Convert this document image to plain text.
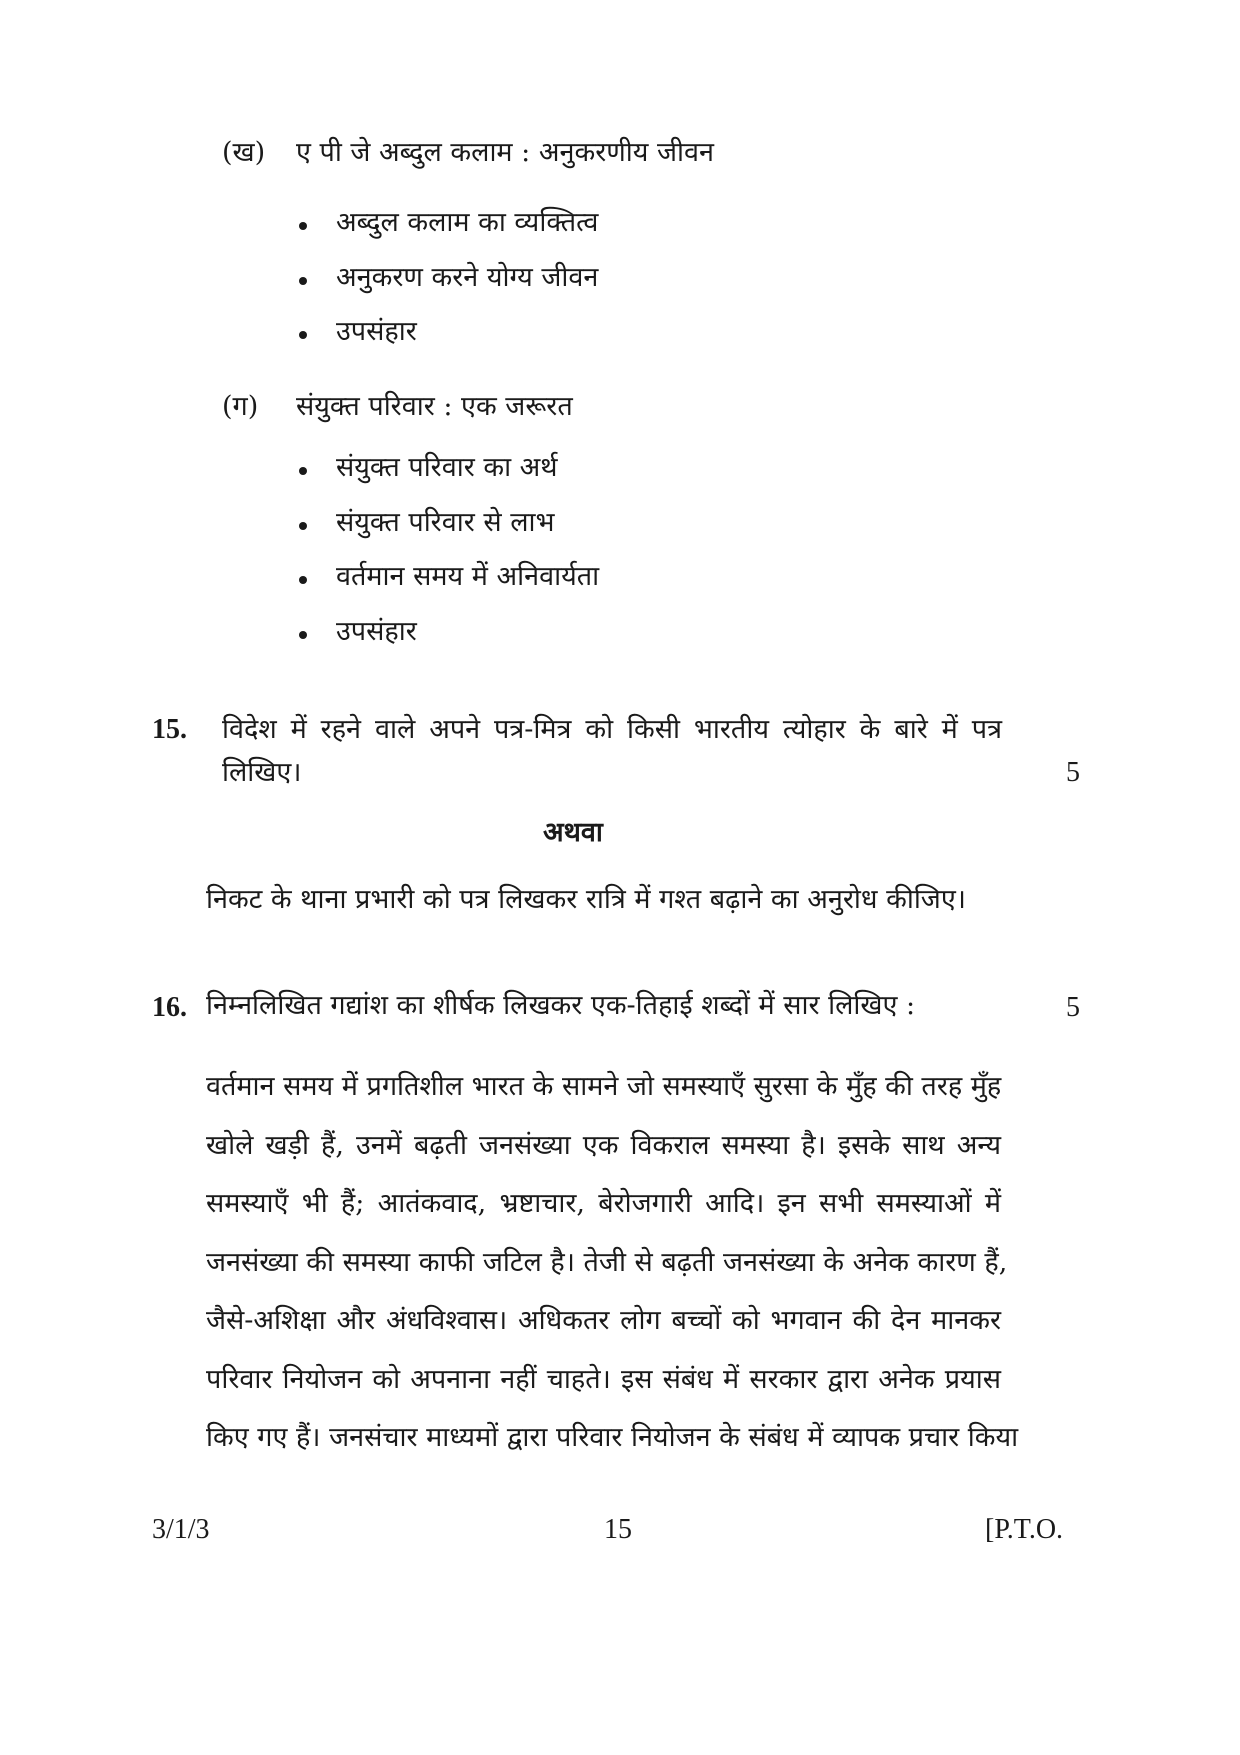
(ख) ए पी जे अब्दुल कलाम : अनुकरणीय जीवन
अब्दुल कलाम का व्यक्तित्व
अनुकरण करने योग्य जीवन
उपसंहार
(ग) संयुक्त परिवार : एक जरूरत
संयुक्त परिवार का अर्थ
संयुक्त परिवार से लाभ
वर्तमान समय में अनिवार्यता
उपसंहार
15. विदेश में रहने वाले अपने पत्र-मित्र को किसी भारतीय त्योहार के बारे में पत्र
लिखिए।	5
अथवा
निकट के थाना प्रभारी को पत्र लिखकर रात्रि में गश्त बढ़ाने का अनुरोध कीजिए।
16. निम्नलिखित गद्यांश का शीर्षक लिखकर एक-तिहाई शब्दों में सार लिखिए :	5
वर्तमान समय में प्रगतिशील भारत के सामने जो समस्याएँ सुरसा के मुँह की तरह मुँह
खोले खड़ी हैं, उनमें बढ़ती जनसंख्या एक विकराल समस्या है। इसके साथ अन्य
समस्याएँ भी हैं; आतंकवाद, भ्रष्टाचार, बेरोजगारी आदि। इन सभी समस्याओं में
जनसंख्या की समस्या काफी जटिल है। तेजी से बढ़ती जनसंख्या के अनेक कारण हैं,
जैसे-अशिक्षा और अंधविश्वास। अधिकतर लोग बच्चों को भगवान की देन मानकर
परिवार नियोजन को अपनाना नहीं चाहते। इस संबंध में सरकार द्वारा अनेक प्रयास
किए गए हैं। जनसंचार माध्यमों द्वारा परिवार नियोजन के संबंध में व्यापक प्रचार किया
3/1/3	15	[P.T.O.
